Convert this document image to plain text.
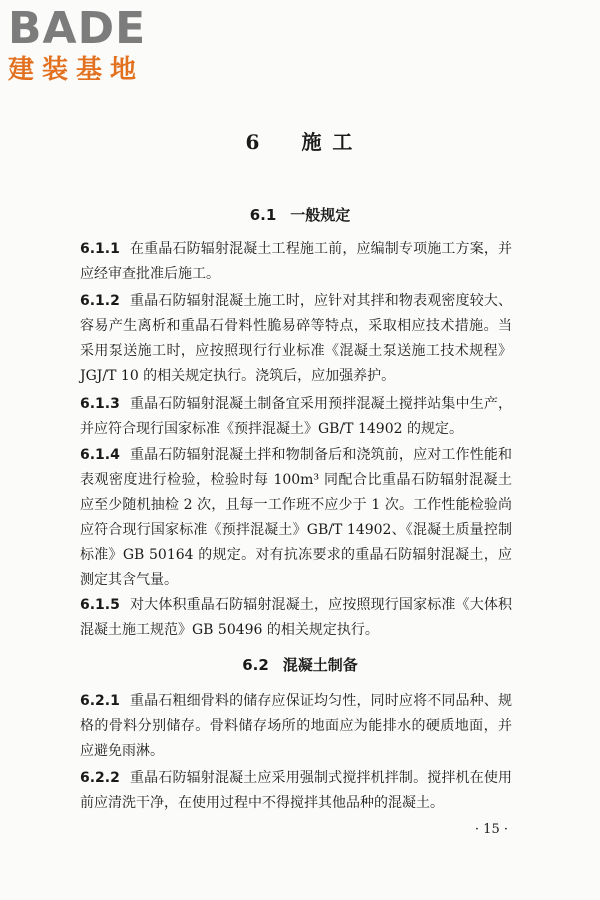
BADE
建装基地
6 施 工
6.1 一般规定
6.1.1 在重晶石防辐射混凝土工程施工前，应编制专项施工方案，并应经审查批准后施工。
6.1.2 重晶石防辐射混凝土施工时，应针对其拌和物表观密度较大、容易产生离析和重晶石骨料性脆易碎等特点，采取相应技术措施。当采用泵送施工时，应按照现行行业标准《混凝土泵送施工技术规程》JGJ/T 10 的相关规定执行。浇筑后，应加强养护。
6.1.3 重晶石防辐射混凝土制备宜采用预拌混凝土搅拌站集中生产，并应符合现行国家标准《预拌混凝土》GB/T 14902 的规定。
6.1.4 重晶石防辐射混凝土拌和物制备后和浇筑前，应对工作性能和表观密度进行检验，检验时每 100m³ 同配合比重晶石防辐射混凝土应至少随机抽检 2 次，且每一工作班不应少于 1 次。工作性能检验尚应符合现行国家标准《预拌混凝土》GB/T 14902、《混凝土质量控制标准》GB 50164 的规定。对有抗冻要求的重晶石防辐射混凝土，应测定其含气量。
6.1.5 对大体积重晶石防辐射混凝土，应按照现行国家标准《大体积混凝土施工规范》GB 50496 的相关规定执行。
6.2 混凝土制备
6.2.1 重晶石粗细骨料的储存应保证均匀性，同时应将不同品种、规格的骨料分别储存。骨料储存场所的地面应为能排水的硬质地面，并应避免雨淋。
6.2.2 重晶石防辐射混凝土应采用强制式搅拌机拌制。搅拌机在使用前应清洗干净，在使用过程中不得搅拌其他品种的混凝土。
· 15 ·
